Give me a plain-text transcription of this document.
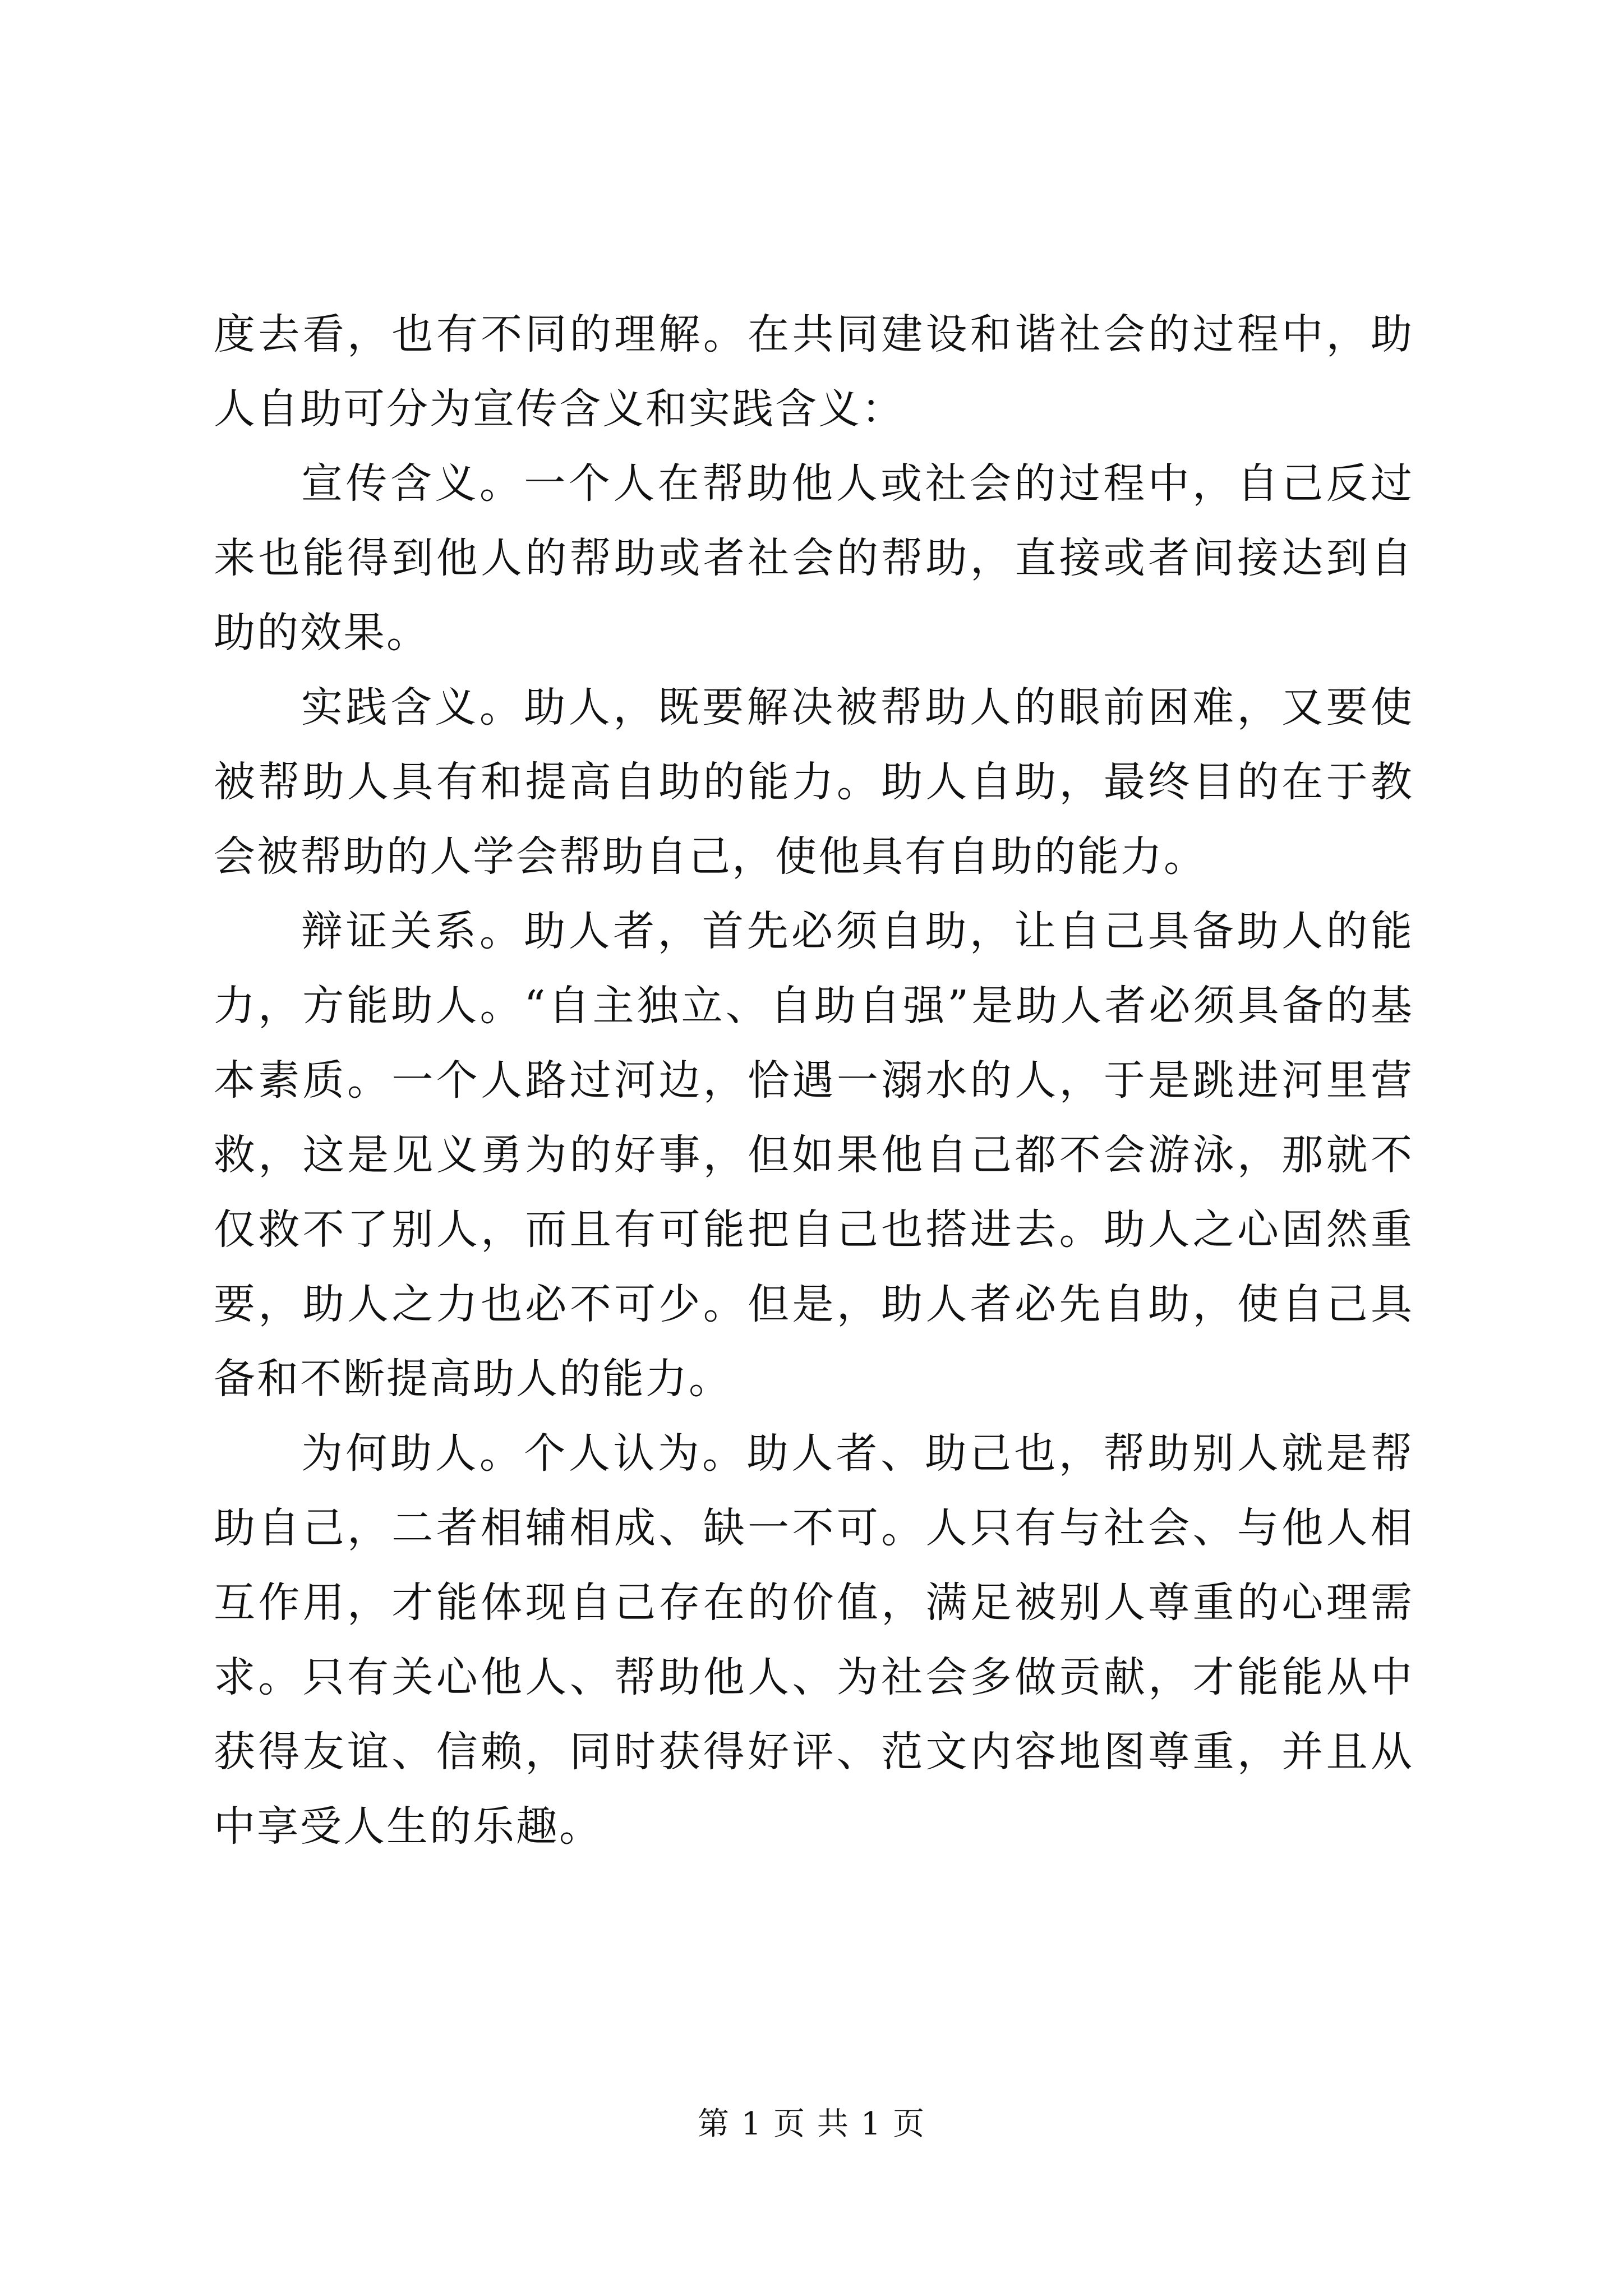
度去看，也有不同的理解。在共同建设和谐社会的过程中，助人自助可分为宣传含义和实践含义：

宣传含义。一个人在帮助他人或社会的过程中，自己反过来也能得到他人的帮助或者社会的帮助，直接或者间接达到自助的效果。

实践含义。助人，既要解决被帮助人的眼前困难，又要使被帮助人具有和提高自助的能力。助人自助，最终目的在于教会被帮助的人学会帮助自己，使他具有自助的能力。

辩证关系。助人者，首先必须自助，让自己具备助人的能力，方能助人。“自主独立、自助自强”是助人者必须具备的基本素质。一个人路过河边，恰遇一溺水的人，于是跳进河里营救，这是见义勇为的好事，但如果他自己都不会游泳，那就不仅救不了别人，而且有可能把自己也搭进去。助人之心固然重要，助人之力也必不可少。但是，助人者必先自助，使自己具备和不断提高助人的能力。

为何助人。个人认为。助人者、助己也，帮助别人就是帮助自己，二者相辅相成、缺一不可。人只有与社会、与他人相互作用，才能体现自己存在的价值，满足被别人尊重的心理需求。只有关心他人、帮助他人、为社会多做贡献，才能能从中获得友谊、信赖，同时获得好评、范文内容地图尊重，并且从中享受人生的乐趣。

第 1 页 共 1 页
